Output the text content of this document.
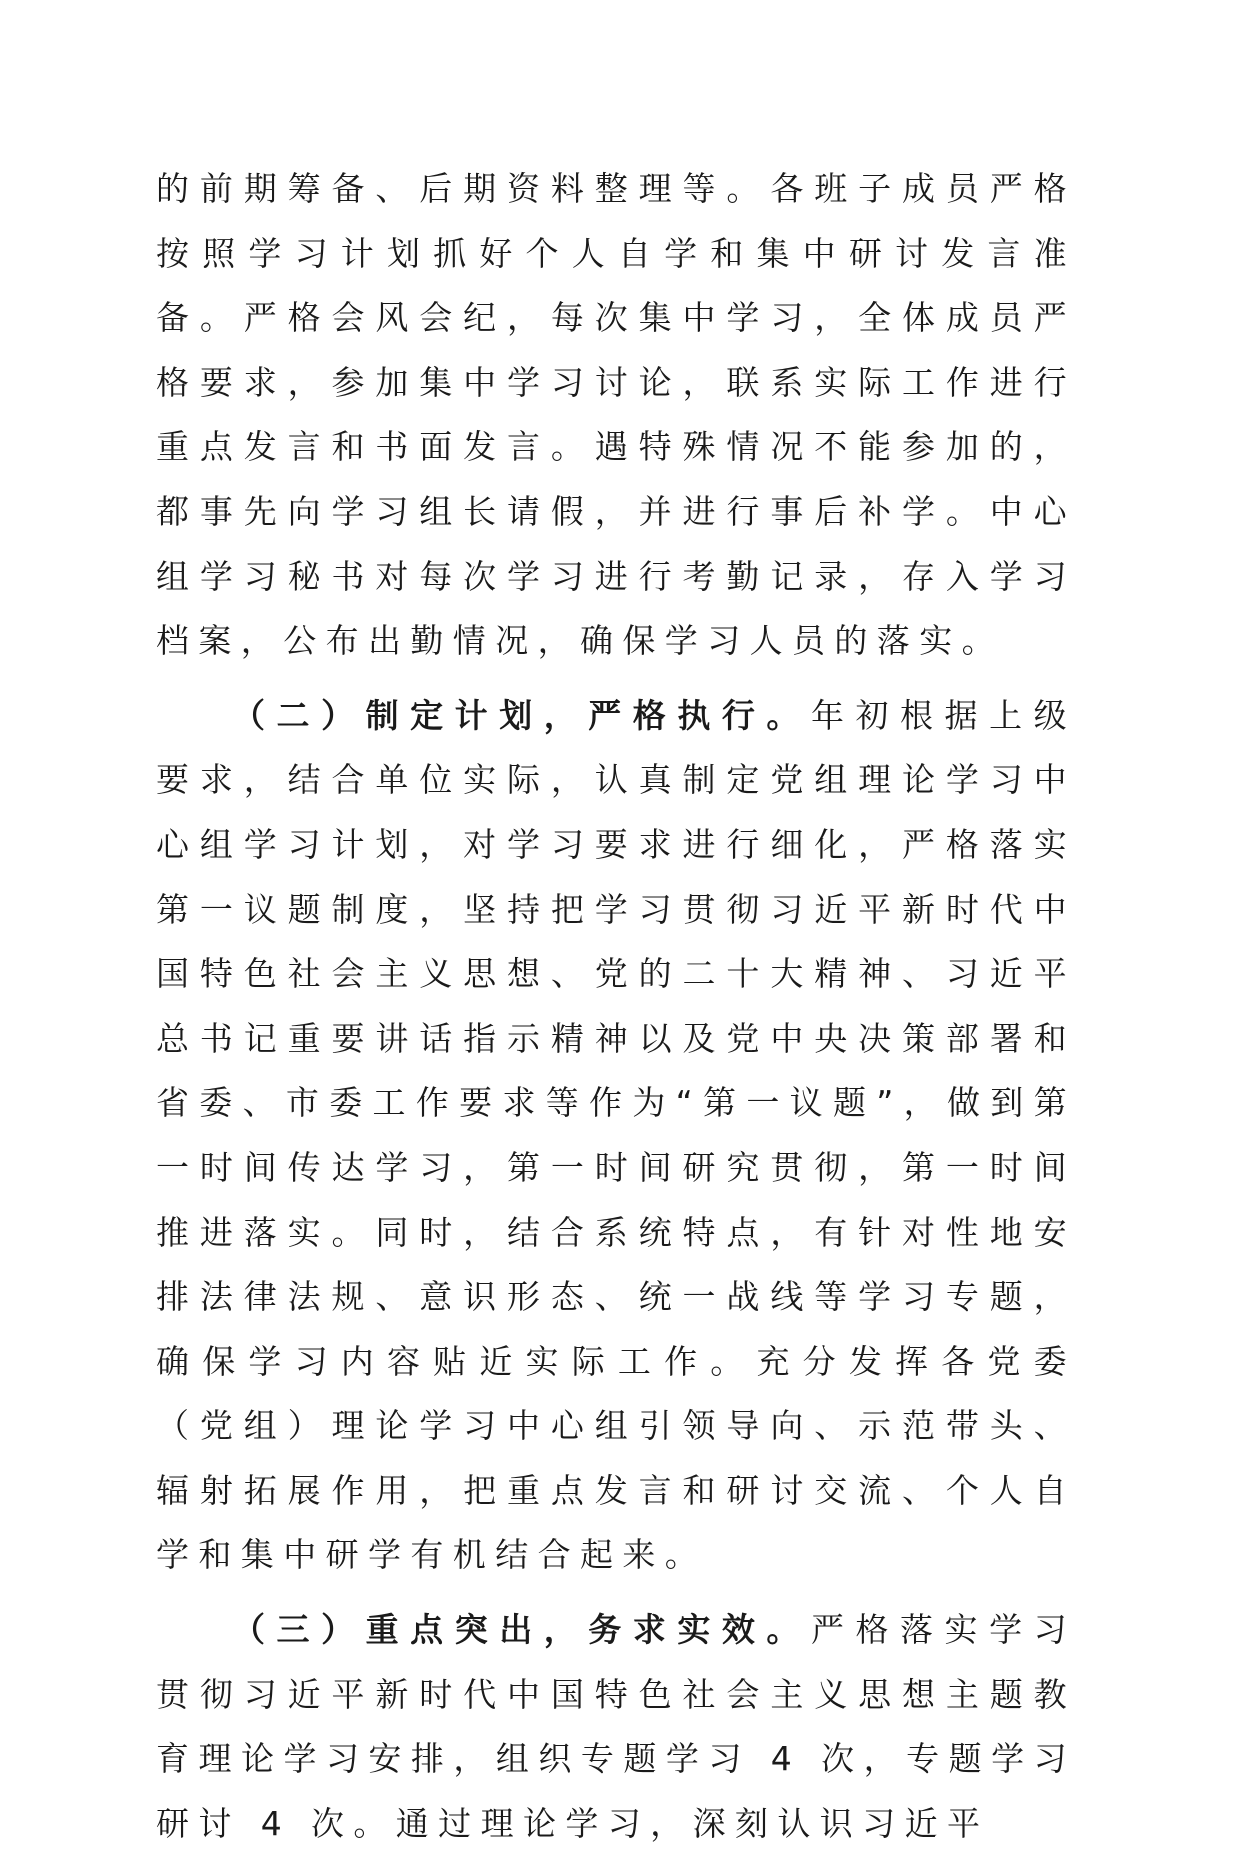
的前期筹备、后期资料整理等。各班子成员严格按照学习计划抓好个人自学和集中研讨发言准备。严格会风会纪，每次集中学习，全体成员严格要求，参加集中学习讨论，联系实际工作进行重点发言和书面发言。遇特殊情况不能参加的，都事先向学习组长请假，并进行事后补学。中心组学习秘书对每次学习进行考勤记录，存入学习档案，公布出勤情况，确保学习人员的落实。

（二）制定计划，严格执行。年初根据上级要求，结合单位实际，认真制定党组理论学习中心组学习计划，对学习要求进行细化，严格落实第一议题制度，坚持把学习贯彻习近平新时代中国特色社会主义思想、党的二十大精神、习近平总书记重要讲话指示精神以及党中央决策部署和省委、市委工作要求等作为“第一议题”，做到第一时间传达学习，第一时间研究贯彻，第一时间推进落实。同时，结合系统特点，有针对性地安排法律法规、意识形态、统一战线等学习专题，确保学习内容贴近实际工作。充分发挥各党委（党组）理论学习中心组引领导向、示范带头、辐射拓展作用，把重点发言和研讨交流、个人自学和集中研学有机结合起来。

（三）重点突出，务求实效。严格落实学习贯彻习近平新时代中国特色社会主义思想主题教育理论学习安排，组织专题学习 4 次，专题学习研讨 4 次。通过理论学习，深刻认识习近平
